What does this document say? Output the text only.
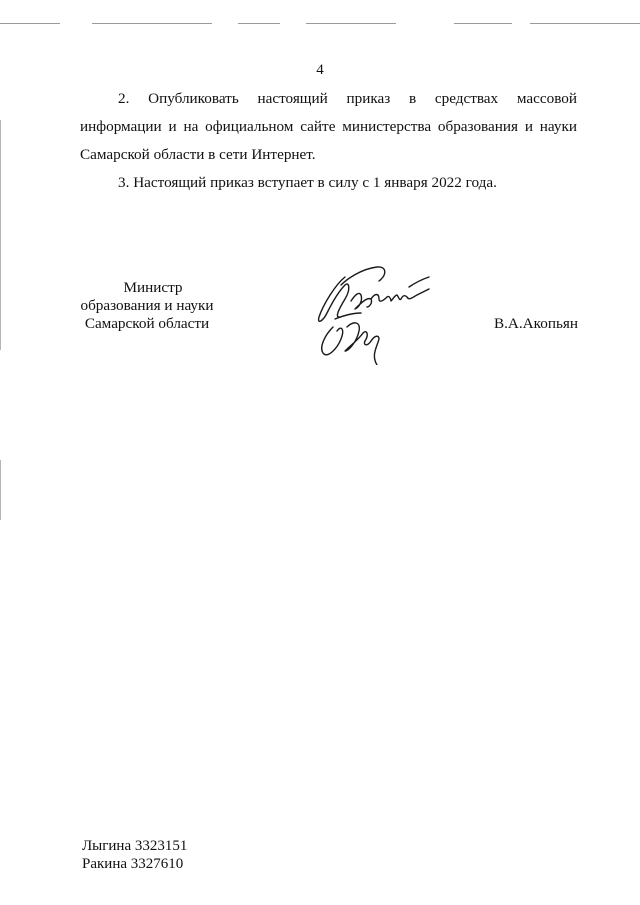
4

2. Опубликовать настоящий приказ в средствах массовой

информации и на официальном сайте министерства образования и науки

Самарской области в сети Интернет.

3. Настоящий приказ вступает в силу с 1 января 2022 года.

Министр
образования и науки
Самарской области	В.А.Акопьян
Лыгина 3323151
Ракина 3327610
